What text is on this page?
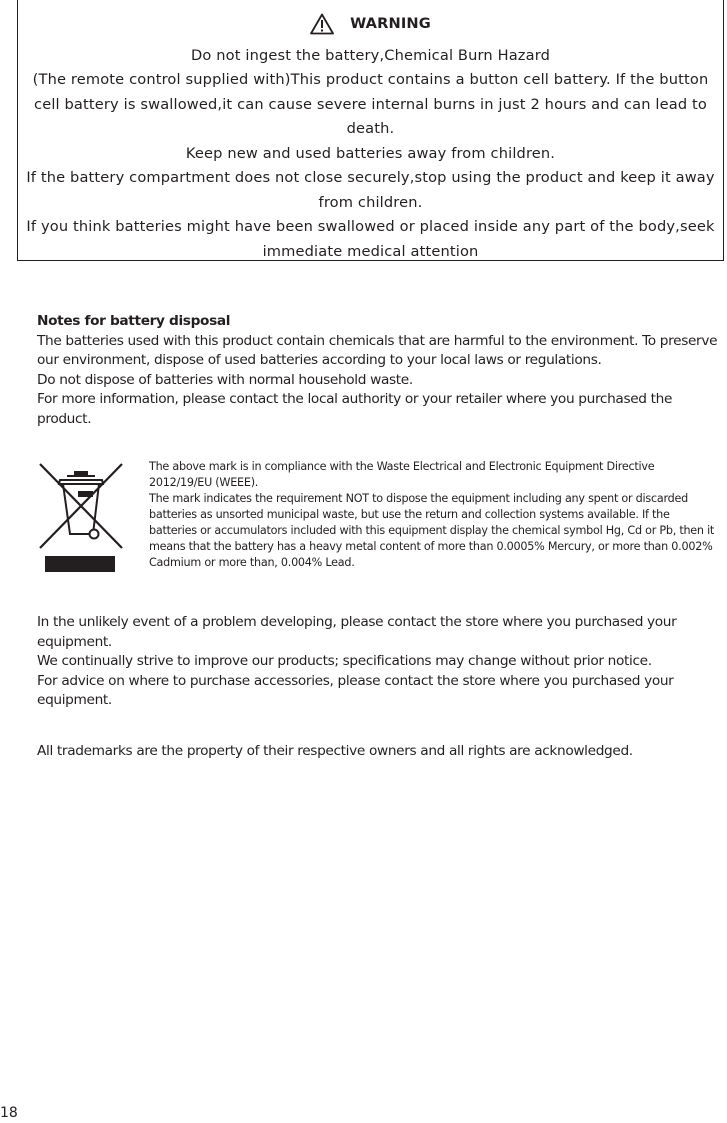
WARNING

Do not ingest the battery,Chemical Burn Hazard

(The remote control supplied with)This product contains a button cell battery. If the button cell battery is swallowed,it can cause severe internal burns in just 2 hours and can lead to death.

Keep new and used batteries away from children.

If the battery compartment does not close securely,stop using the product and keep it away from children.

If you think batteries might have been swallowed or placed inside any part of the body,seek immediate medical attention

Notes for battery disposal

The batteries used with this product contain chemicals that are harmful to the environment. To preserve our environment, dispose of used batteries according to your local laws or regulations.

Do not dispose of batteries with normal household waste.

For more information, please contact the local authority or your retailer where you purchased the product.

The above mark is in compliance with the Waste Electrical and Electronic Equipment Directive 2012/19/EU (WEEE).

The mark indicates the requirement NOT to dispose the equipment including any spent or discarded batteries as unsorted municipal waste, but use the return and collection systems available. If the batteries or accumulators included with this equipment display the chemical symbol Hg, Cd or Pb, then it means that the battery has a heavy metal content of more than 0.0005% Mercury, or more than 0.002% Cadmium or more than, 0.004% Lead.

In the unlikely event of a problem developing, please contact the store where you purchased your equipment.

We continually strive to improve our products; specifications may change without prior notice.

For advice on where to purchase accessories, please contact the store where you purchased your equipment.

All trademarks are the property of their respective owners and all rights are acknowledged.

18
